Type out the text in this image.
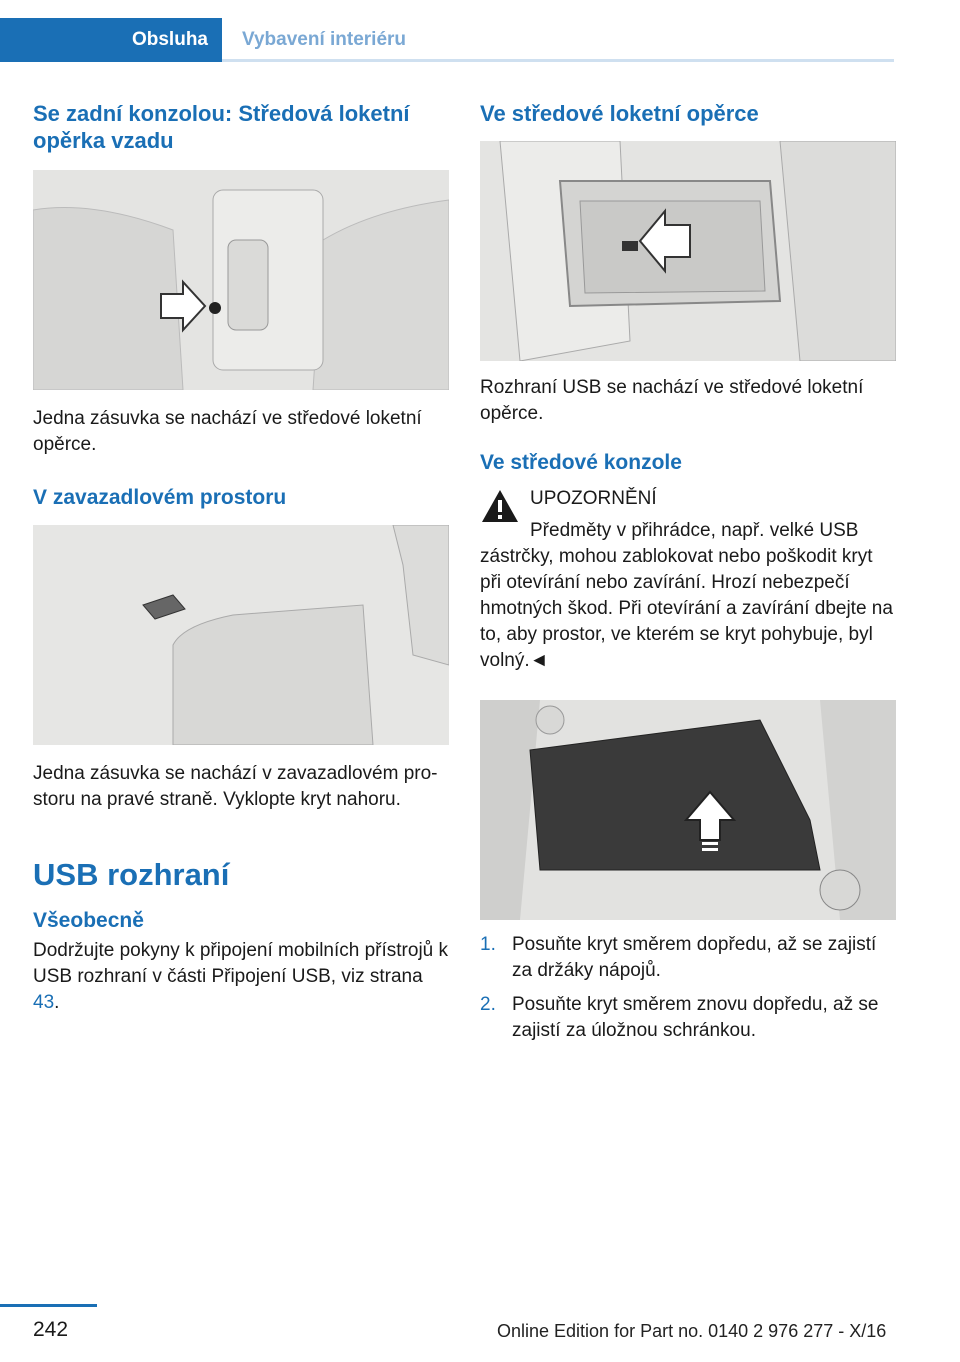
Obsluha	Vybavení interiéru
Se zadní konzolou: Středová loketní opěrka vzadu

Jedna zásuvka se nachází ve středové loketní opěrce.

V zavazadlovém prostoru

Jedna zásuvka se nachází v zavazadlovém prostoru na pravé straně. Vyklopte kryt nahoru.

USB rozhraní
Všeobecně

Dodržujte pokyny k připojení mobilních přístrojů k USB rozhraní v části Připojení USB, viz strana 43.

Ve středové loketní opěrce

Rozhraní USB se nachází ve středové loketní opěrce.

Ve středové konzole
UPOZORNĚNÍ
Předměty v přihrádce, např. velké USB zástrčky, mohou zablokovat nebo poškodit kryt při otevírání nebo zavírání. Hrozí nebezpečí hmotných škod. Při otevírání a zavírání dbejte na to, aby prostor, ve kterém se kryt pohybuje, byl volný.◄
1. Posuňte kryt směrem dopředu, až se zajistí za držáky nápojů.
2. Posuňte kryt směrem znovu dopředu, až se zajistí za úložnou schránkou.
242	Online Edition for Part no. 0140 2 976 277 - X/16
